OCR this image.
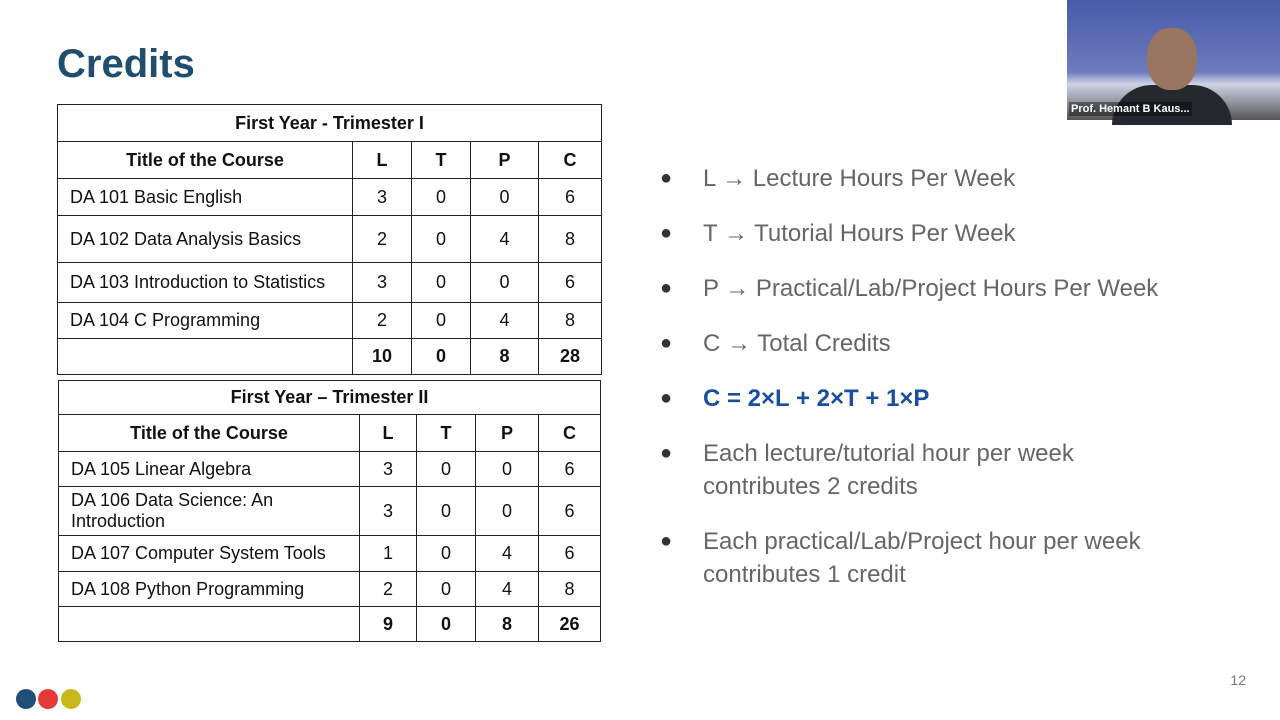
Credits
First Year - Trimester I				
Title of the Course	L	T	P	C
DA 101 Basic English	3	0	0	6
DA 102 Data Analysis Basics	2	0	4	8
DA 103 Introduction to Statistics	3	0	0	6
DA 104 C Programming	2	0	4	8
	10	0	8	28
First Year – Trimester II				
Title of the Course	L	T	P	C
DA 105 Linear Algebra	3	0	0	6
DA 106 Data Science: An Introduction	3	0	0	6
DA 107 Computer System Tools	1	0	4	6
DA 108 Python Programming	2	0	4	8
	9	0	8	26
● L → Lecture Hours Per Week
● T → Tutorial Hours Per Week
● P → Practical/Lab/Project Hours Per Week
● C → Total Credits
● C = 2×L + 2×T + 1×P
● Each lecture/tutorial hour per week contributes 2 credits
● Each practical/Lab/Project hour per week contributes 1 credit
Prof. Hemant B Kaus...
12
